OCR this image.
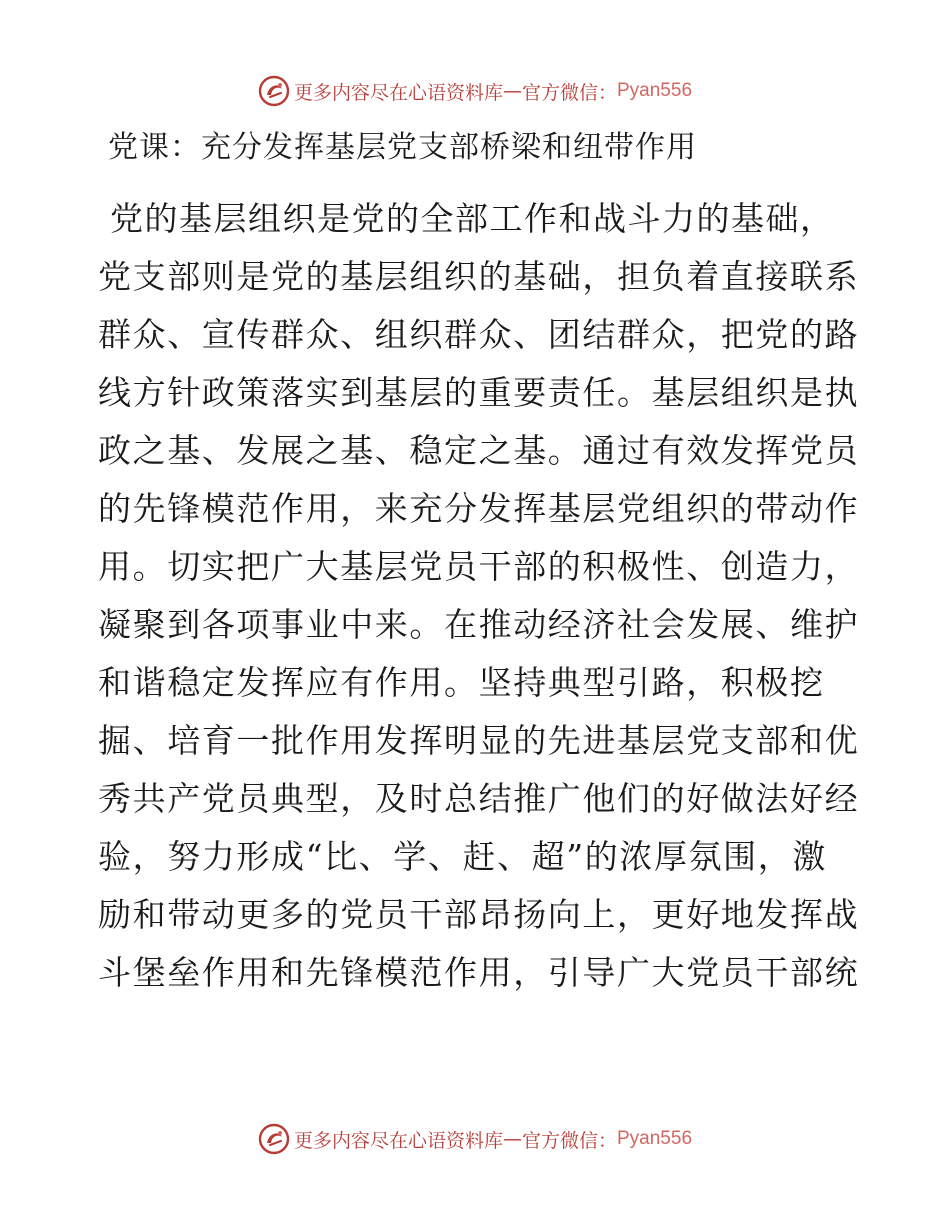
更多内容尽在心语资料库 — 官方微信： Pyan556
党课：充分发挥基层党支部桥梁和纽带作用
党的基层组织是党的全部工作和战斗力的基础，
党支部则是党的基层组织的基础，担负着直接联系
群众、宣传群众、组织群众、团结群众，把党的路
线方针政策落实到基层的重要责任。基层组织是执
政之基、发展之基、稳定之基。通过有效发挥党员
的先锋模范作用，来充分发挥基层党组织的带动作
用。切实把广大基层党员干部的积极性、创造力，
凝聚到各项事业中来。在推动经济社会发展、维护
和谐稳定发挥应有作用。坚持典型引路，积极挖
掘、培育一批作用发挥明显的先进基层党支部和优
秀共产党员典型，及时总结推广他们的好做法好经
验，努力形成“比、学、赶、超”的浓厚氛围，激
励和带动更多的党员干部昂扬向上，更好地发挥战
斗堡垒作用和先锋模范作用，引导广大党员干部统
更多内容尽在心语资料库 — 官方微信： Pyan556
